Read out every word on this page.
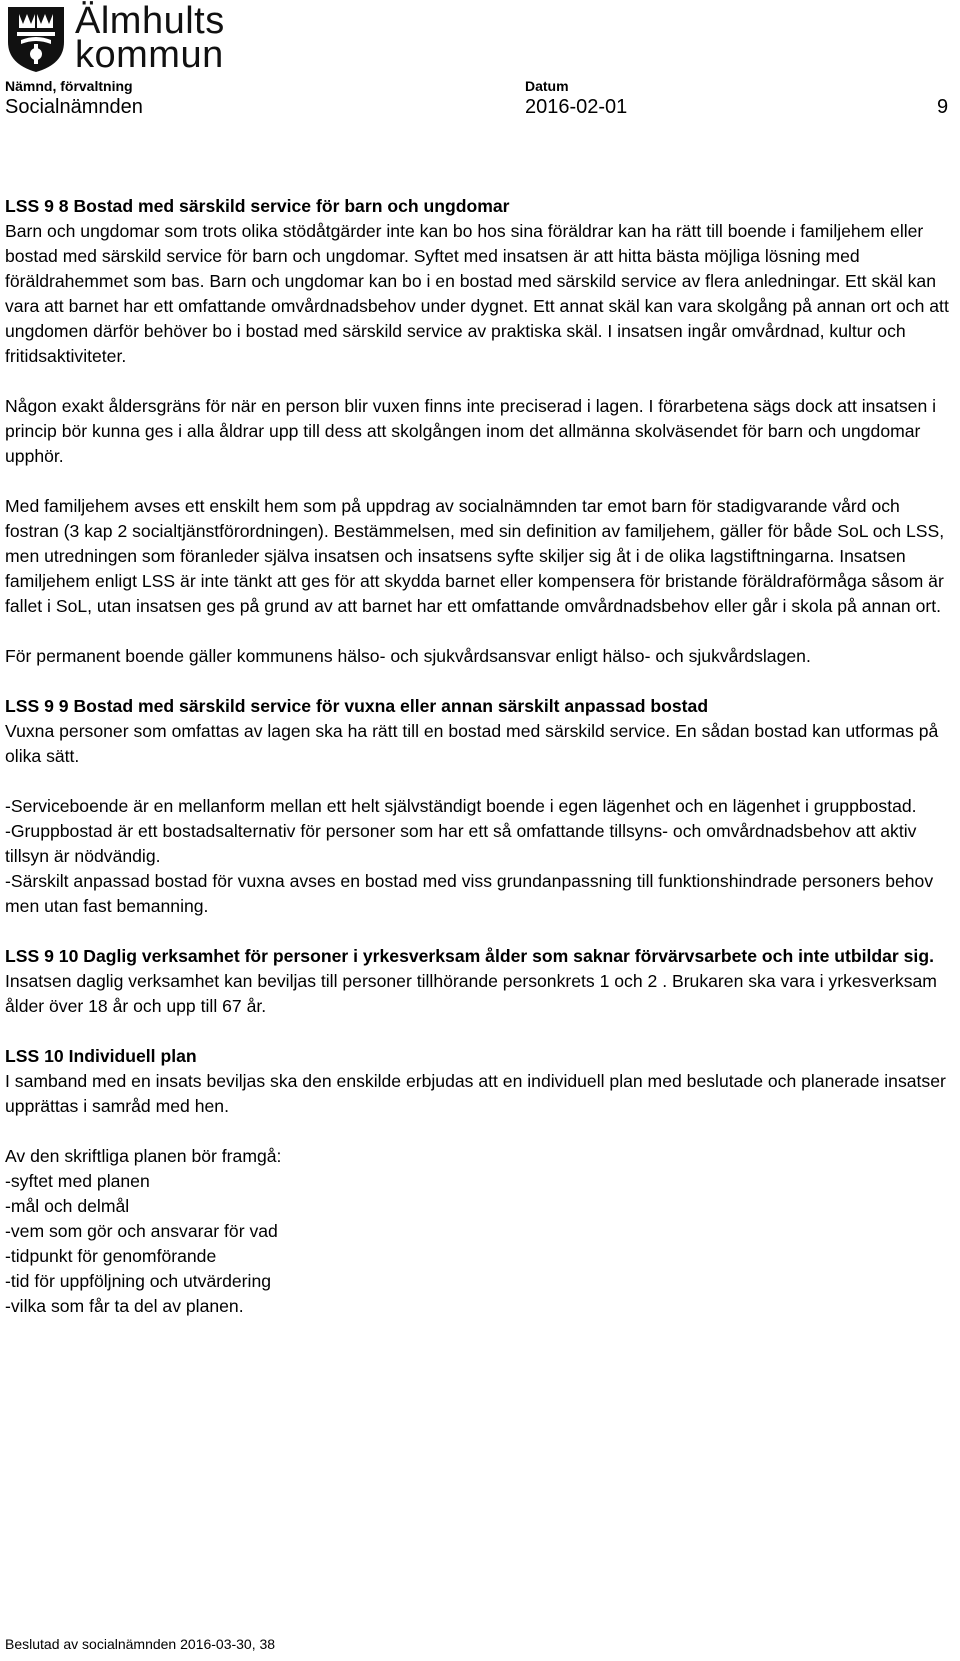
Älmhults
kommun
Nämnd, förvaltning	Datum
Socialnämnden	2016-02-01	9
LSS 9 8 Bostad med särskild service för barn och ungdomar

Barn och ungdomar som trots olika stödåtgärder inte kan bo hos sina föräldrar kan ha rätt till boende i familjehem eller bostad med särskild service för barn och ungdomar. Syftet med insatsen är att hitta bästa möjliga lösning med föräldrahemmet som bas. Barn och ungdomar kan bo i en bostad med särskild service av flera anledningar. Ett skäl kan vara att barnet har ett omfattande omvårdnadsbehov under dygnet. Ett annat skäl kan vara skolgång på annan ort och att ungdomen därför behöver bo i bostad med särskild service av praktiska skäl. I insatsen ingår omvårdnad, kultur och fritidsaktiviteter.

Någon exakt åldersgräns för när en person blir vuxen finns inte preciserad i lagen. I förarbetena sägs dock att insatsen i princip bör kunna ges i alla åldrar upp till dess att skolgången inom det allmänna skolväsendet för barn och ungdomar upphör.

Med familjehem avses ett enskilt hem som på uppdrag av socialnämnden tar emot barn för stadigvarande vård och fostran (3 kap 2 socialtjänstförordningen). Bestämmelsen, med sin definition av familjehem, gäller för både SoL och LSS, men utredningen som föranleder själva insatsen och insatsens syfte skiljer sig åt i de olika lagstiftningarna. Insatsen familjehem enligt LSS är inte tänkt att ges för att skydda barnet eller kompensera för bristande föräldraförmåga såsom är fallet i SoL, utan insatsen ges på grund av att barnet har ett omfattande omvårdnadsbehov eller går i skola på annan ort.

För permanent boende gäller kommunens hälso- och sjukvårdsansvar enligt hälso- och sjukvårdslagen.

LSS 9 9 Bostad med särskild service för vuxna eller annan särskilt anpassad bostad

Vuxna personer som omfattas av lagen ska ha rätt till en bostad med särskild service. En sådan bostad kan utformas på olika sätt.

-Serviceboende är en mellanform mellan ett helt självständigt boende i egen lägenhet och en lägenhet i gruppbostad.

-Gruppbostad är ett bostadsalternativ för personer som har ett så omfattande tillsyns- och omvårdnadsbehov att aktiv tillsyn är nödvändig.

-Särskilt anpassad bostad för vuxna avses en bostad med viss grundanpassning till funktionshindrade personers behov men utan fast bemanning.

LSS 9 10 Daglig verksamhet för personer i yrkesverksam ålder som saknar förvärvsarbete och inte utbildar sig.

Insatsen daglig verksamhet kan beviljas till personer tillhörande personkrets 1 och 2 . Brukaren ska vara i yrkesverksam ålder över 18 år och upp till 67 år.

LSS 10 Individuell plan

I samband med en insats beviljas ska den enskilde erbjudas att en individuell plan med beslutade och planerade insatser upprättas i samråd med hen.

Av den skriftliga planen bör framgå:

-syftet med planen

-mål och delmål

-vem som gör och ansvarar för vad

-tidpunkt för genomförande

-tid för uppföljning och utvärdering

-vilka som får ta del av planen.

Beslutad av socialnämnden 2016-03-30, 38
